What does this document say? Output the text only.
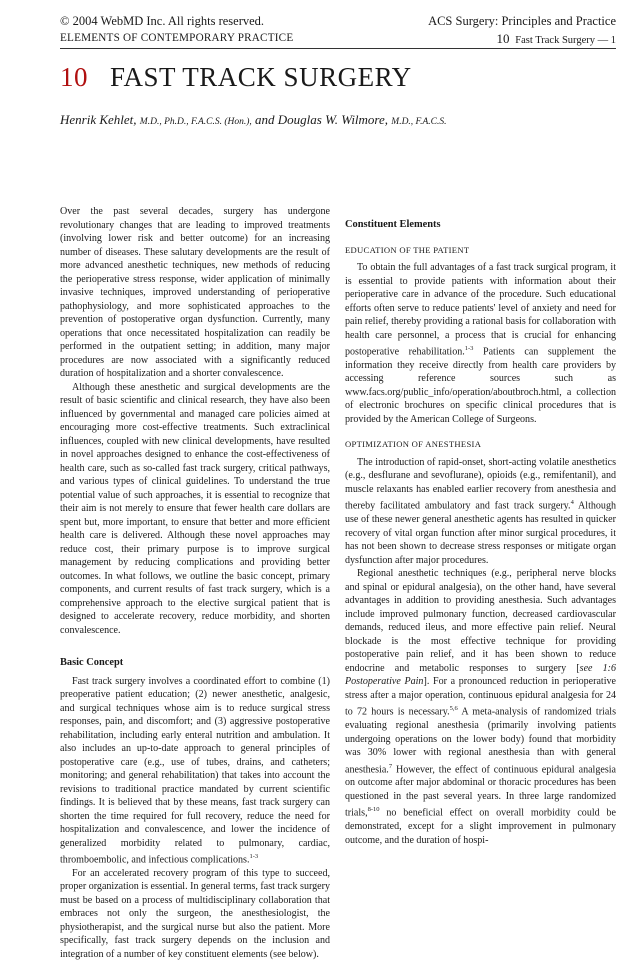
© 2004 WebMD Inc. All rights reserved.
ELEMENTS OF CONTEMPORARY PRACTICE
ACS Surgery: Principles and Practice
10 Fast Track Surgery — 1
10 FAST TRACK SURGERY
Henrik Kehlet, M.D., Ph.D., F.A.C.S. (Hon.), and Douglas W. Wilmore, M.D., F.A.C.S.

Over the past several decades, surgery has undergone revolutionary changes that are leading to improved treatments (involving lower risk and better outcome) for an increasing number of diseases. These salutary developments are the result of more advanced anesthetic techniques, new methods of reducing the perioperative stress response, wider application of minimally invasive techniques, improved understanding of perioperative pathophysiology, and more sophisticated approaches to the prevention of postoperative organ dysfunction. Currently, many operations that once necessitated hospitalization can readily be performed in the outpatient setting; in addition, many major procedures are now associated with a significantly reduced duration of hospitalization and a shorter convalescence.

Although these anesthetic and surgical developments are the result of basic scientific and clinical research, they have also been influenced by governmental and managed care policies aimed at encouraging more cost-effective treatments. Such extraclinical influences, coupled with new clinical developments, have resulted in novel approaches designed to enhance the cost-effectiveness of health care, such as so-called fast track surgery, critical pathways, and various types of clinical guidelines. To understand the true potential value of such approaches, it is essential to recognize that their aim is not merely to ensure that fewer health care dollars are spent but, more important, to ensure that better and more efficient health care is delivered. Although these novel approaches may reduce cost, their primary purpose is to improve surgical management by reducing complications and providing better outcomes. In what follows, we outline the basic concept, primary components, and current results of fast track surgery, which is a comprehensive approach to the elective surgical patient that is designed to accelerate recovery, reduce morbidity, and shorten convalescence.

Basic Concept

Fast track surgery involves a coordinated effort to combine (1) preoperative patient education; (2) newer anesthetic, analgesic, and surgical techniques whose aim is to reduce surgical stress responses, pain, and discomfort; and (3) aggressive postoperative rehabilitation, including early enteral nutrition and ambulation. It also includes an up-to-date approach to general principles of postoperative care (e.g., use of tubes, drains, and catheters; monitoring; and general rehabilitation) that takes into account the revisions to traditional practice mandated by current scientific findings. It is believed that by these means, fast track surgery can shorten the time required for full recovery, reduce the need for hospitalization and convalescence, and lower the incidence of generalized morbidity related to pulmonary, cardiac, thromboembolic, and infectious complications.$^{1-3}$

For an accelerated recovery program of this type to succeed, proper organization is essential. In general terms, fast track surgery must be based on a process of multidisciplinary collaboration that embraces not only the surgeon, the anesthesiologist, the physiotherapist, and the surgical nurse but also the patient. More specifically, fast track surgery depends on the inclusion and integration of a number of key constituent elements (see below).

Constituent Elements
EDUCATION OF THE PATIENT

To obtain the full advantages of a fast track surgical program, it is essential to provide patients with information about their perioperative care in advance of the procedure. Such educational efforts often serve to reduce patients' level of anxiety and need for pain relief, thereby providing a rational basis for collaboration with health care personnel, a process that is crucial for enhancing postoperative rehabilitation.$^{1-3}$ Patients can supplement the information they receive directly from health care providers by accessing reference sources such as www.facs.org/public_info/operation/aboutbroch.html, a collection of electronic brochures on specific clinical procedures that is provided by the American College of Surgeons.

OPTIMIZATION OF ANESTHESIA

The introduction of rapid-onset, short-acting volatile anesthetics (e.g., desflurane and sevoflurane), opioids (e.g., remifentanil), and muscle relaxants has enabled earlier recovery from anesthesia and thereby facilitated ambulatory and fast track surgery.$^4$ Although use of these newer general anesthetic agents has resulted in quicker recovery of vital organ function after minor surgical procedures, it has not been shown to decrease stress responses or mitigate organ dysfunction after major procedures.

Regional anesthetic techniques (e.g., peripheral nerve blocks and spinal or epidural analgesia), on the other hand, have several advantages in addition to providing anesthesia. Such advantages include improved pulmonary function, decreased cardiovascular demands, reduced ileus, and more effective pain relief. Neural blockade is the most effective technique for providing postoperative pain relief, and it has been shown to reduce endocrine and metabolic responses to surgery [see 1:6 Postoperative Pain]. For a pronounced reduction in perioperative stress after a major operation, continuous epidural analgesia for 24 to 72 hours is necessary.$^{5,6}$ A meta-analysis of randomized trials evaluating regional anesthesia (primarily involving patients undergoing operations on the lower body) found that morbidity was 30% lower with regional anesthesia than with general anesthesia.$^7$ However, the effect of continuous epidural analgesia on outcome after major abdominal or thoracic procedures has been questioned in the past several years. In three large randomized trials,$^{8-10}$ no beneficial effect on overall morbidity could be demonstrated, except for a slight improvement in pulmonary outcome, and the duration of hospi-
